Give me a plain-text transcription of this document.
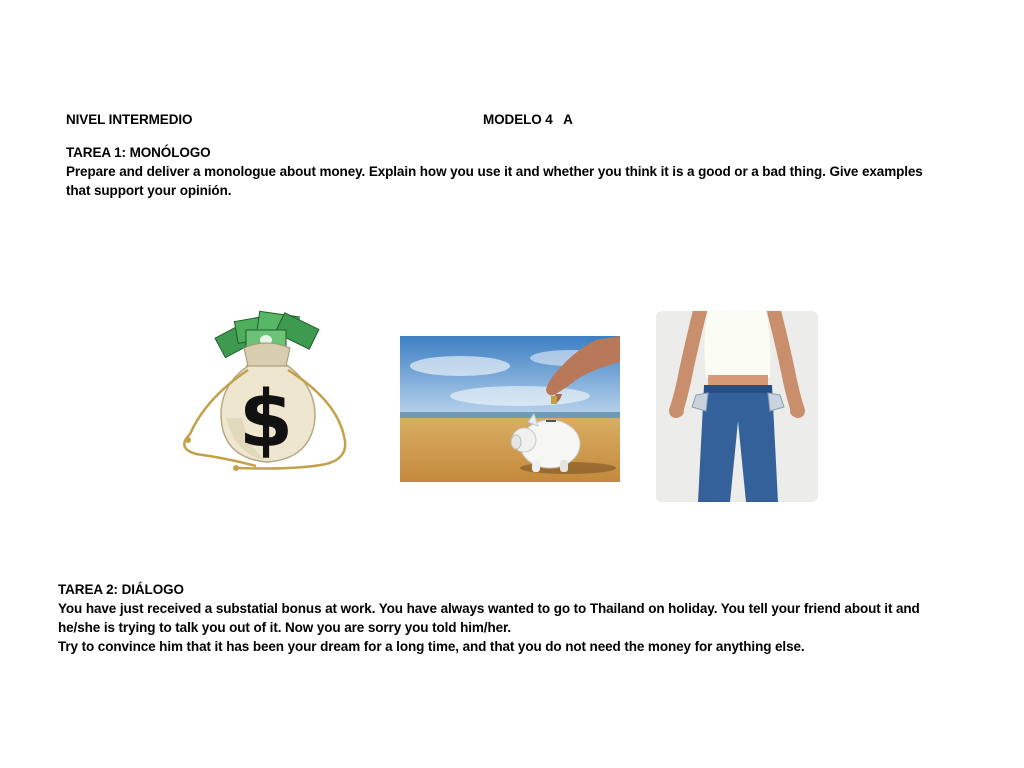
NIVEL INTERMEDIO	MODELO 4   A
TAREA 1: MONÓLOGO
Prepare and deliver a monologue about money. Explain how you use it and whether you think it is a good or a bad thing. Give examples
that support your opinión.
$
TAREA 2: DIÁLOGO
You have just received a substatial bonus at work. You have always wanted to go to Thailand on holiday. You tell your friend about it and
he/she is trying to talk you out of it. Now you are sorry you told him/her.
Try to convince him that it has been your dream for a long time, and that you do not need the money for anything else.
